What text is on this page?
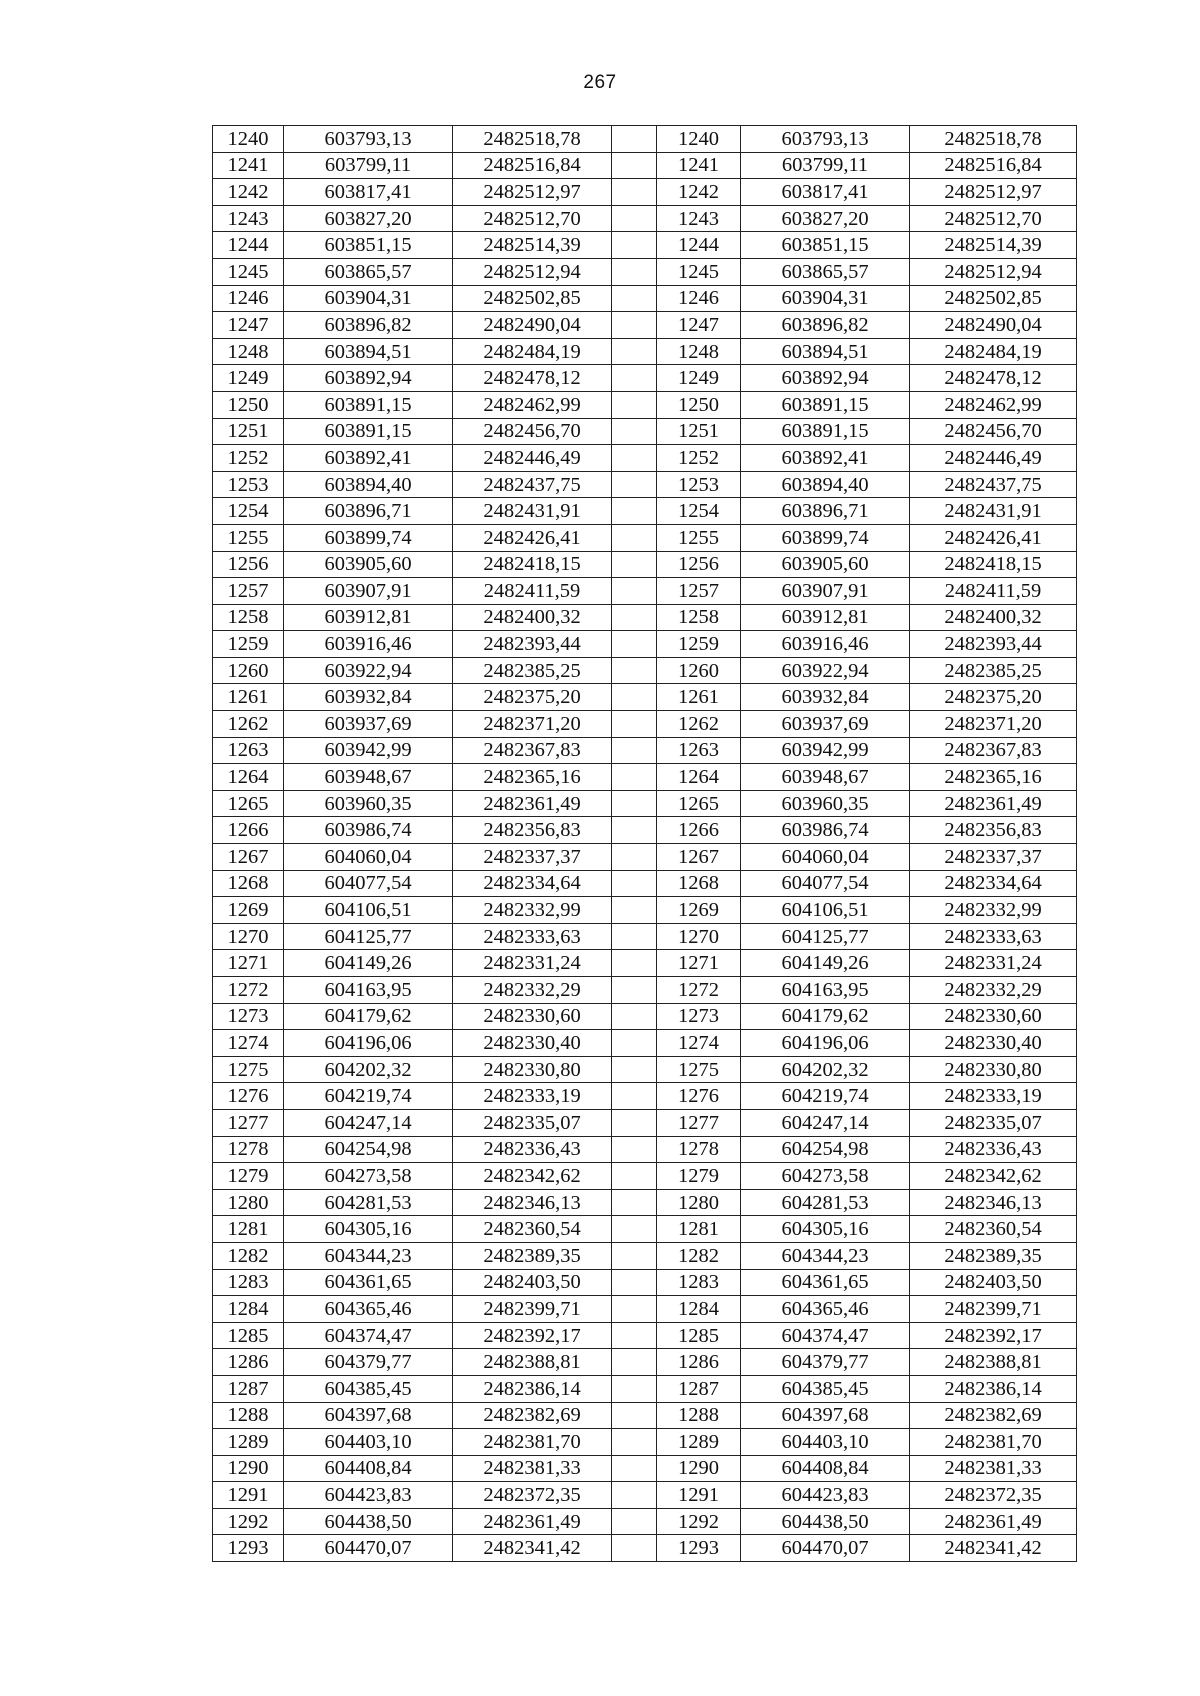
267
1240	603793,13	2482518,78		1240	603793,13	2482518,78
1241	603799,11	2482516,84		1241	603799,11	2482516,84
1242	603817,41	2482512,97		1242	603817,41	2482512,97
1243	603827,20	2482512,70		1243	603827,20	2482512,70
1244	603851,15	2482514,39		1244	603851,15	2482514,39
1245	603865,57	2482512,94		1245	603865,57	2482512,94
1246	603904,31	2482502,85		1246	603904,31	2482502,85
1247	603896,82	2482490,04		1247	603896,82	2482490,04
1248	603894,51	2482484,19		1248	603894,51	2482484,19
1249	603892,94	2482478,12		1249	603892,94	2482478,12
1250	603891,15	2482462,99		1250	603891,15	2482462,99
1251	603891,15	2482456,70		1251	603891,15	2482456,70
1252	603892,41	2482446,49		1252	603892,41	2482446,49
1253	603894,40	2482437,75		1253	603894,40	2482437,75
1254	603896,71	2482431,91		1254	603896,71	2482431,91
1255	603899,74	2482426,41		1255	603899,74	2482426,41
1256	603905,60	2482418,15		1256	603905,60	2482418,15
1257	603907,91	2482411,59		1257	603907,91	2482411,59
1258	603912,81	2482400,32		1258	603912,81	2482400,32
1259	603916,46	2482393,44		1259	603916,46	2482393,44
1260	603922,94	2482385,25		1260	603922,94	2482385,25
1261	603932,84	2482375,20		1261	603932,84	2482375,20
1262	603937,69	2482371,20		1262	603937,69	2482371,20
1263	603942,99	2482367,83		1263	603942,99	2482367,83
1264	603948,67	2482365,16		1264	603948,67	2482365,16
1265	603960,35	2482361,49		1265	603960,35	2482361,49
1266	603986,74	2482356,83		1266	603986,74	2482356,83
1267	604060,04	2482337,37		1267	604060,04	2482337,37
1268	604077,54	2482334,64		1268	604077,54	2482334,64
1269	604106,51	2482332,99		1269	604106,51	2482332,99
1270	604125,77	2482333,63		1270	604125,77	2482333,63
1271	604149,26	2482331,24		1271	604149,26	2482331,24
1272	604163,95	2482332,29		1272	604163,95	2482332,29
1273	604179,62	2482330,60		1273	604179,62	2482330,60
1274	604196,06	2482330,40		1274	604196,06	2482330,40
1275	604202,32	2482330,80		1275	604202,32	2482330,80
1276	604219,74	2482333,19		1276	604219,74	2482333,19
1277	604247,14	2482335,07		1277	604247,14	2482335,07
1278	604254,98	2482336,43		1278	604254,98	2482336,43
1279	604273,58	2482342,62		1279	604273,58	2482342,62
1280	604281,53	2482346,13		1280	604281,53	2482346,13
1281	604305,16	2482360,54		1281	604305,16	2482360,54
1282	604344,23	2482389,35		1282	604344,23	2482389,35
1283	604361,65	2482403,50		1283	604361,65	2482403,50
1284	604365,46	2482399,71		1284	604365,46	2482399,71
1285	604374,47	2482392,17		1285	604374,47	2482392,17
1286	604379,77	2482388,81		1286	604379,77	2482388,81
1287	604385,45	2482386,14		1287	604385,45	2482386,14
1288	604397,68	2482382,69		1288	604397,68	2482382,69
1289	604403,10	2482381,70		1289	604403,10	2482381,70
1290	604408,84	2482381,33		1290	604408,84	2482381,33
1291	604423,83	2482372,35		1291	604423,83	2482372,35
1292	604438,50	2482361,49		1292	604438,50	2482361,49
1293	604470,07	2482341,42		1293	604470,07	2482341,42
